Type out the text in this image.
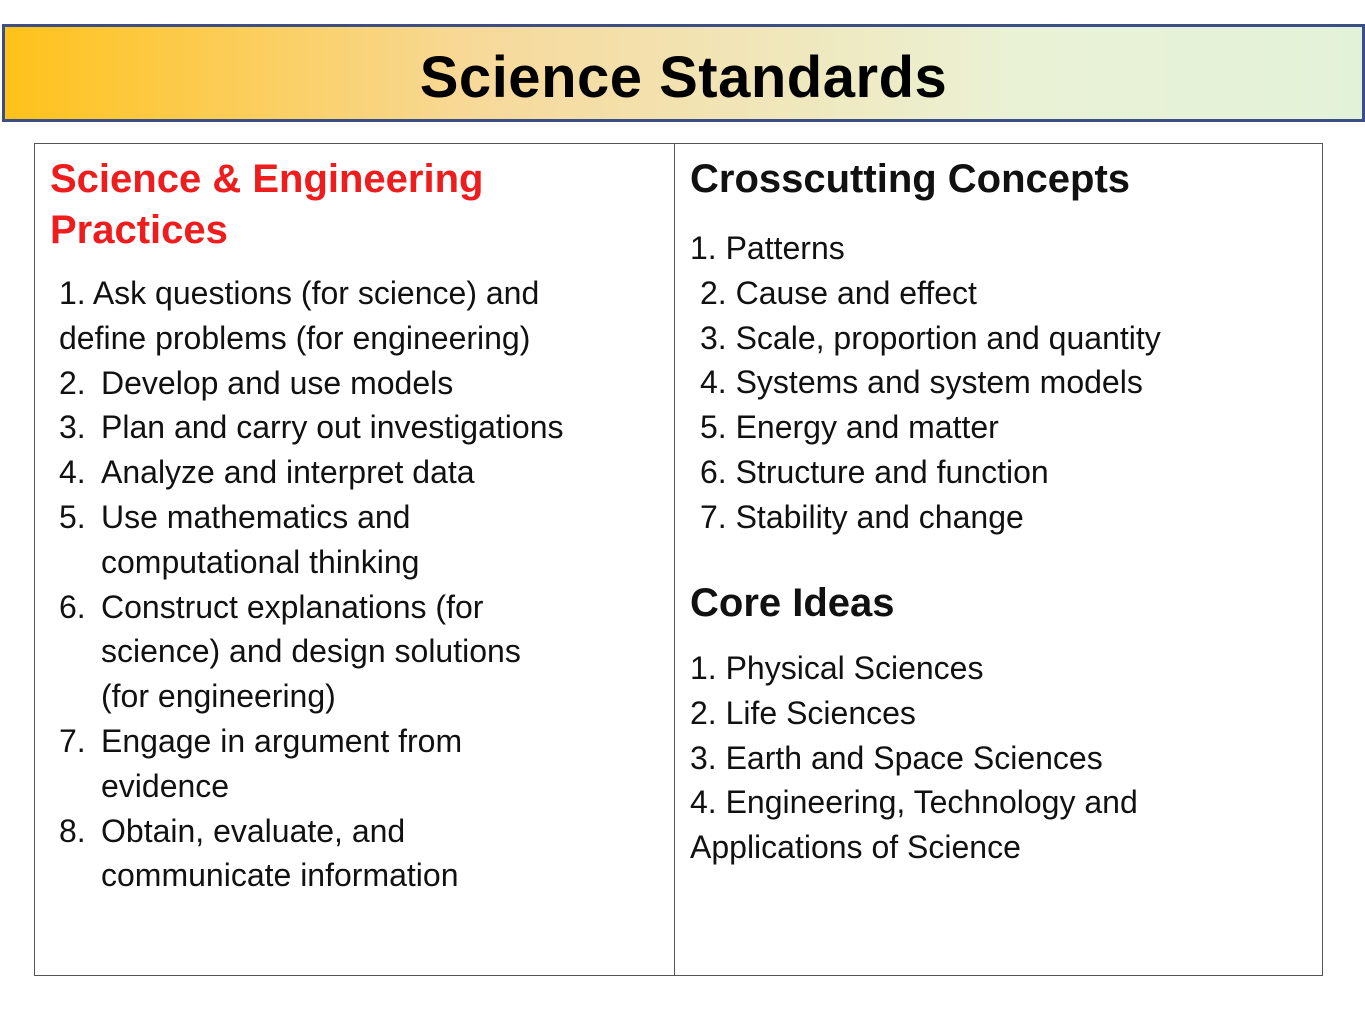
Science Standards

Science & Engineering

Practices

1. Ask questions (for science) and
define problems (for engineering)
2. Develop and use models
3. Plan and carry out investigations
4. Analyze and interpret data
5. Use mathematics and
computational thinking
6. Construct explanations (for
science) and design solutions
(for engineering)
7. Engage in argument from
evidence
8. Obtain, evaluate, and
communicate information

Crosscutting Concepts

1. Patterns
2. Cause and effect
3. Scale, proportion and quantity
4. Systems and system models
5. Energy and matter
6. Structure and function
7. Stability and change

Core Ideas

1. Physical Sciences
2. Life Sciences
3. Earth and Space Sciences
4. Engineering, Technology and
Applications of Science
